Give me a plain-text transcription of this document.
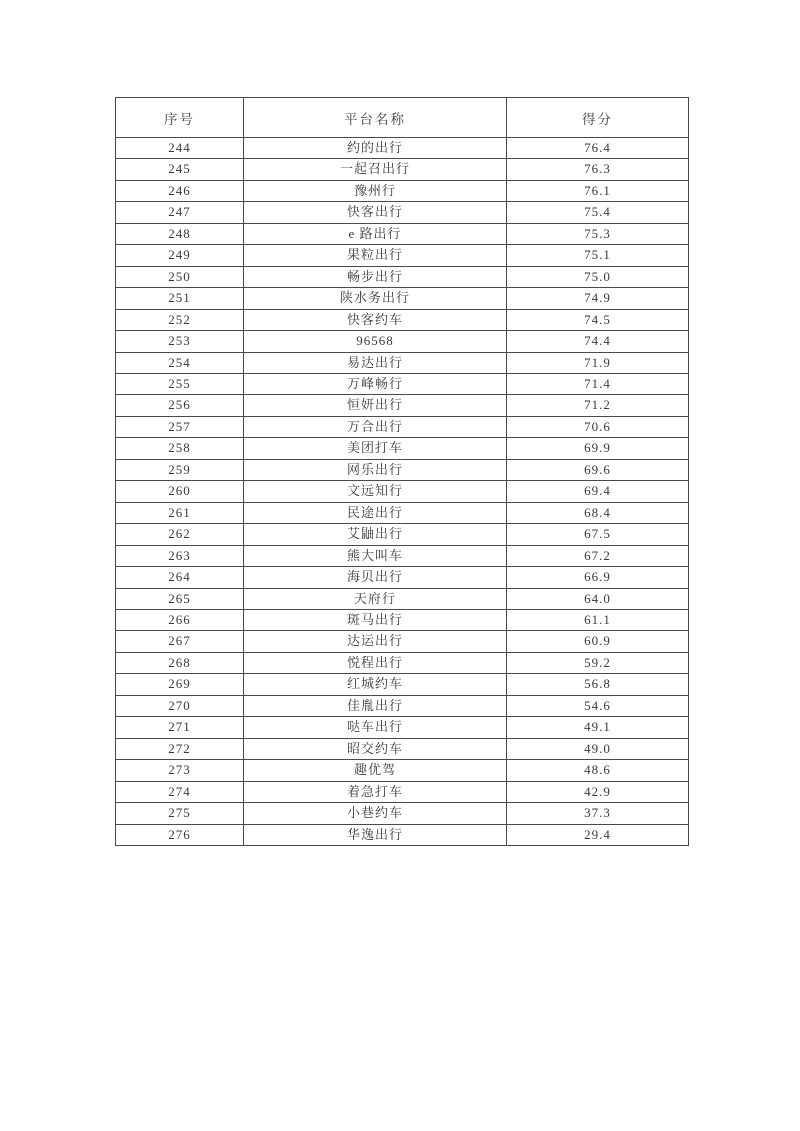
序号	平台名称	得分
244	约的出行	76.4
245	一起召出行	76.3
246	豫州行	76.1
247	快客出行	75.4
248	e 路出行	75.3
249	果粒出行	75.1
250	畅步出行	75.0
251	陕水务出行	74.9
252	快客约车	74.5
253	96568	74.4
254	易达出行	71.9
255	万峰畅行	71.4
256	恒妍出行	71.2
257	万合出行	70.6
258	美团打车	69.9
259	网乐出行	69.6
260	文远知行	69.4
261	民途出行	68.4
262	艾鼬出行	67.5
263	熊大叫车	67.2
264	海贝出行	66.9
265	天府行	64.0
266	斑马出行	61.1
267	达运出行	60.9
268	悦程出行	59.2
269	红城约车	56.8
270	佳胤出行	54.6
271	哒车出行	49.1
272	昭交约车	49.0
273	趣优驾	48.6
274	着急打车	42.9
275	小巷约车	37.3
276	华逸出行	29.4
